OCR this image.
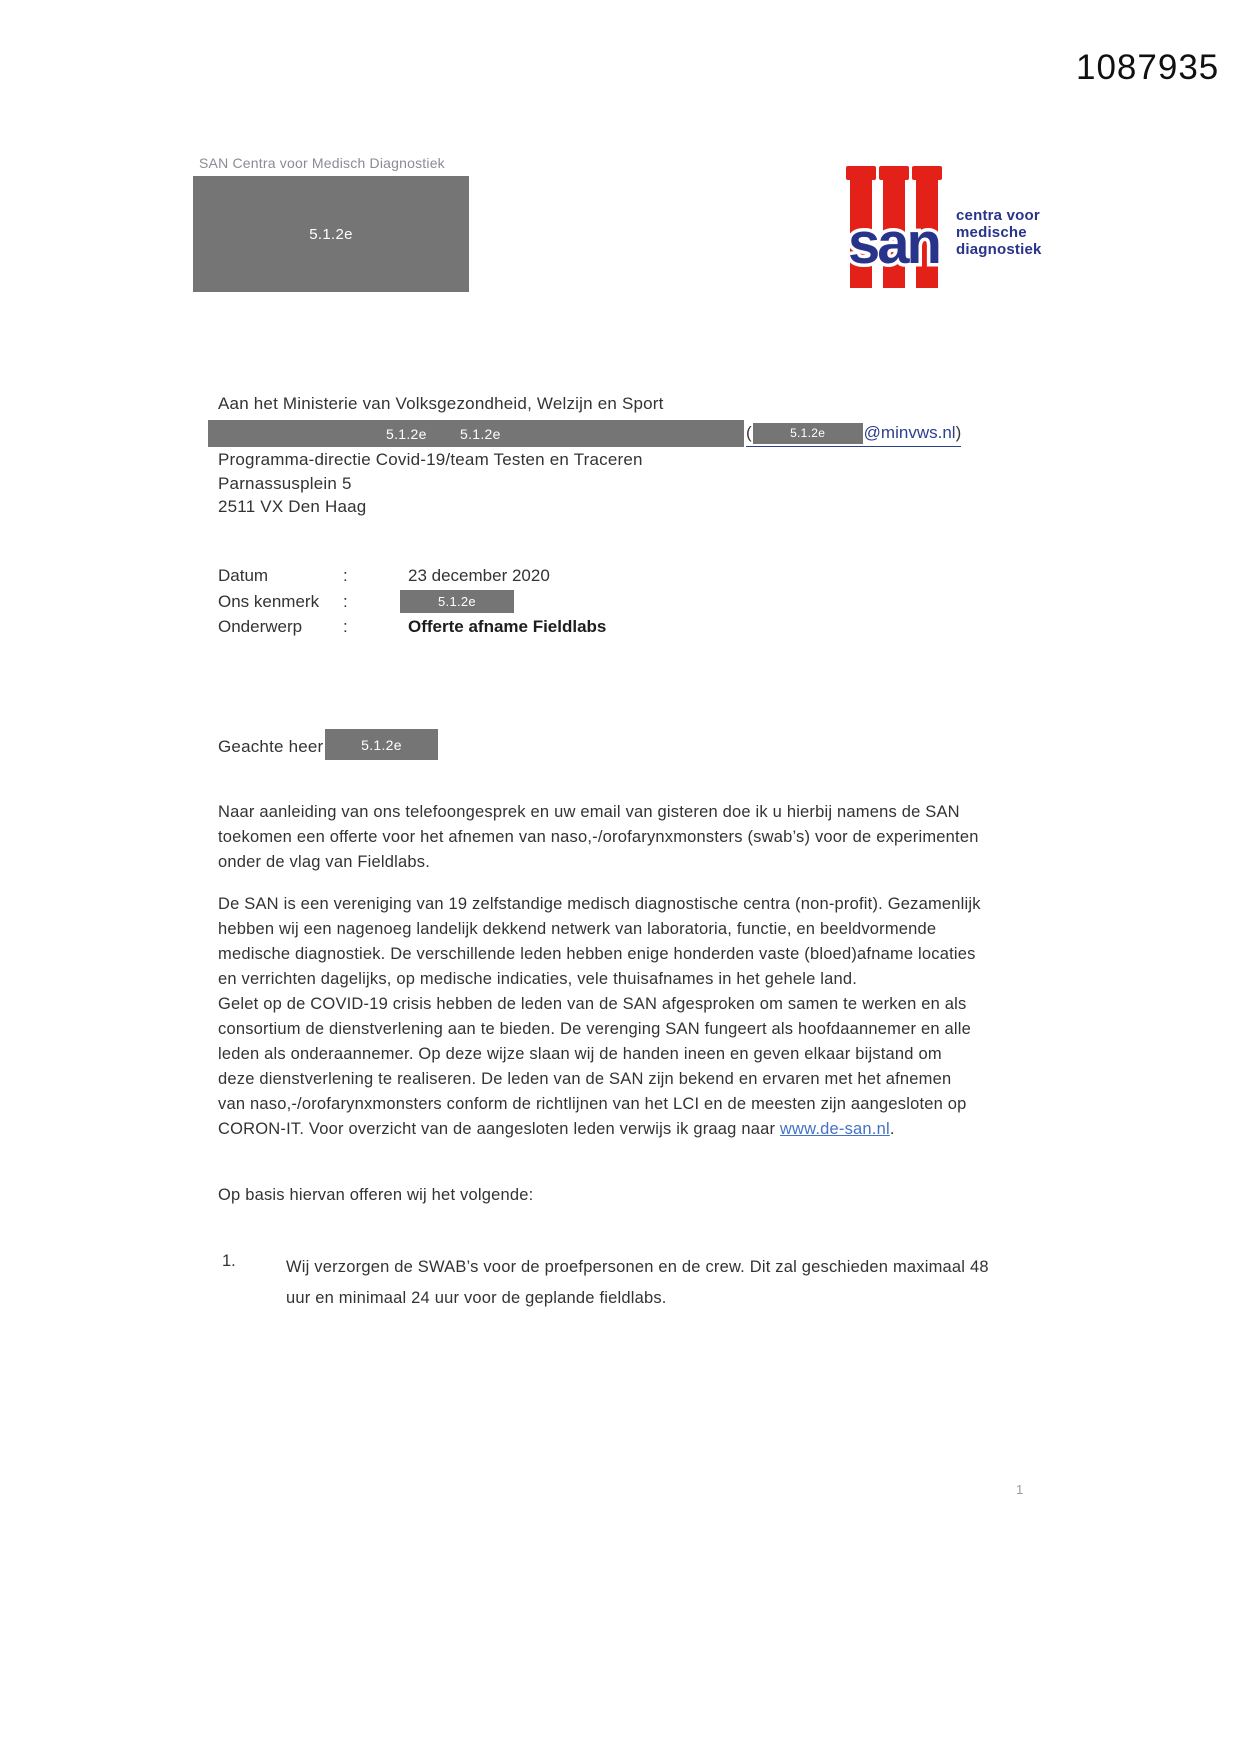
1087935
SAN Centra voor Medisch Diagnostiek
5.1.2e	san centra voor
medische
diagnostiek
Aan het Ministerie van Volksgezondheid, Welzijn en Sport
5.1.2e 5.1.2e	(	5.1.2e @minvws.nl )
Programma-directie Covid-19/team Testen en Traceren
Parnassusplein 5
2511 VX Den Haag
Datum	:	23 december 2020
Ons kenmerk :	5.1.2e
Onderwerp :	Offerte afname Fieldlabs
Geachte heer	5.1.2e
Naar aanleiding van ons telefoongesprek en uw email van gisteren doe ik u hierbij namens de SAN
toekomen een offerte voor het afnemen van naso,-/orofarynxmonsters (swab’s) voor de experimenten
onder de vlag van Fieldlabs.
De SAN is een vereniging van 19 zelfstandige medisch diagnostische centra (non-profit). Gezamenlijk
hebben wij een nagenoeg landelijk dekkend netwerk van laboratoria, functie, en beeldvormende
medische diagnostiek. De verschillende leden hebben enige honderden vaste (bloed)afname locaties
en verrichten dagelijks, op medische indicaties, vele thuisafnames in het gehele land.
Gelet op de COVID-19 crisis hebben de leden van de SAN afgesproken om samen te werken en als
consortium de dienstverlening aan te bieden. De verenging SAN fungeert als hoofdaannemer en alle
leden als onderaannemer. Op deze wijze slaan wij de handen ineen en geven elkaar bijstand om
deze dienstverlening te realiseren. De leden van de SAN zijn bekend en ervaren met het afnemen
van naso,-/orofarynxmonsters conform de richtlijnen van het LCI en de meesten zijn aangesloten op
CORON-IT. Voor overzicht van de aangesloten leden verwijs ik graag naar www.de-san.nl.
Op basis hiervan offeren wij het volgende:
1.	Wij verzorgen de SWAB’s voor de proefpersonen en de crew. Dit zal geschieden maximaal 48
uur en minimaal 24 uur voor de geplande fieldlabs.
1
